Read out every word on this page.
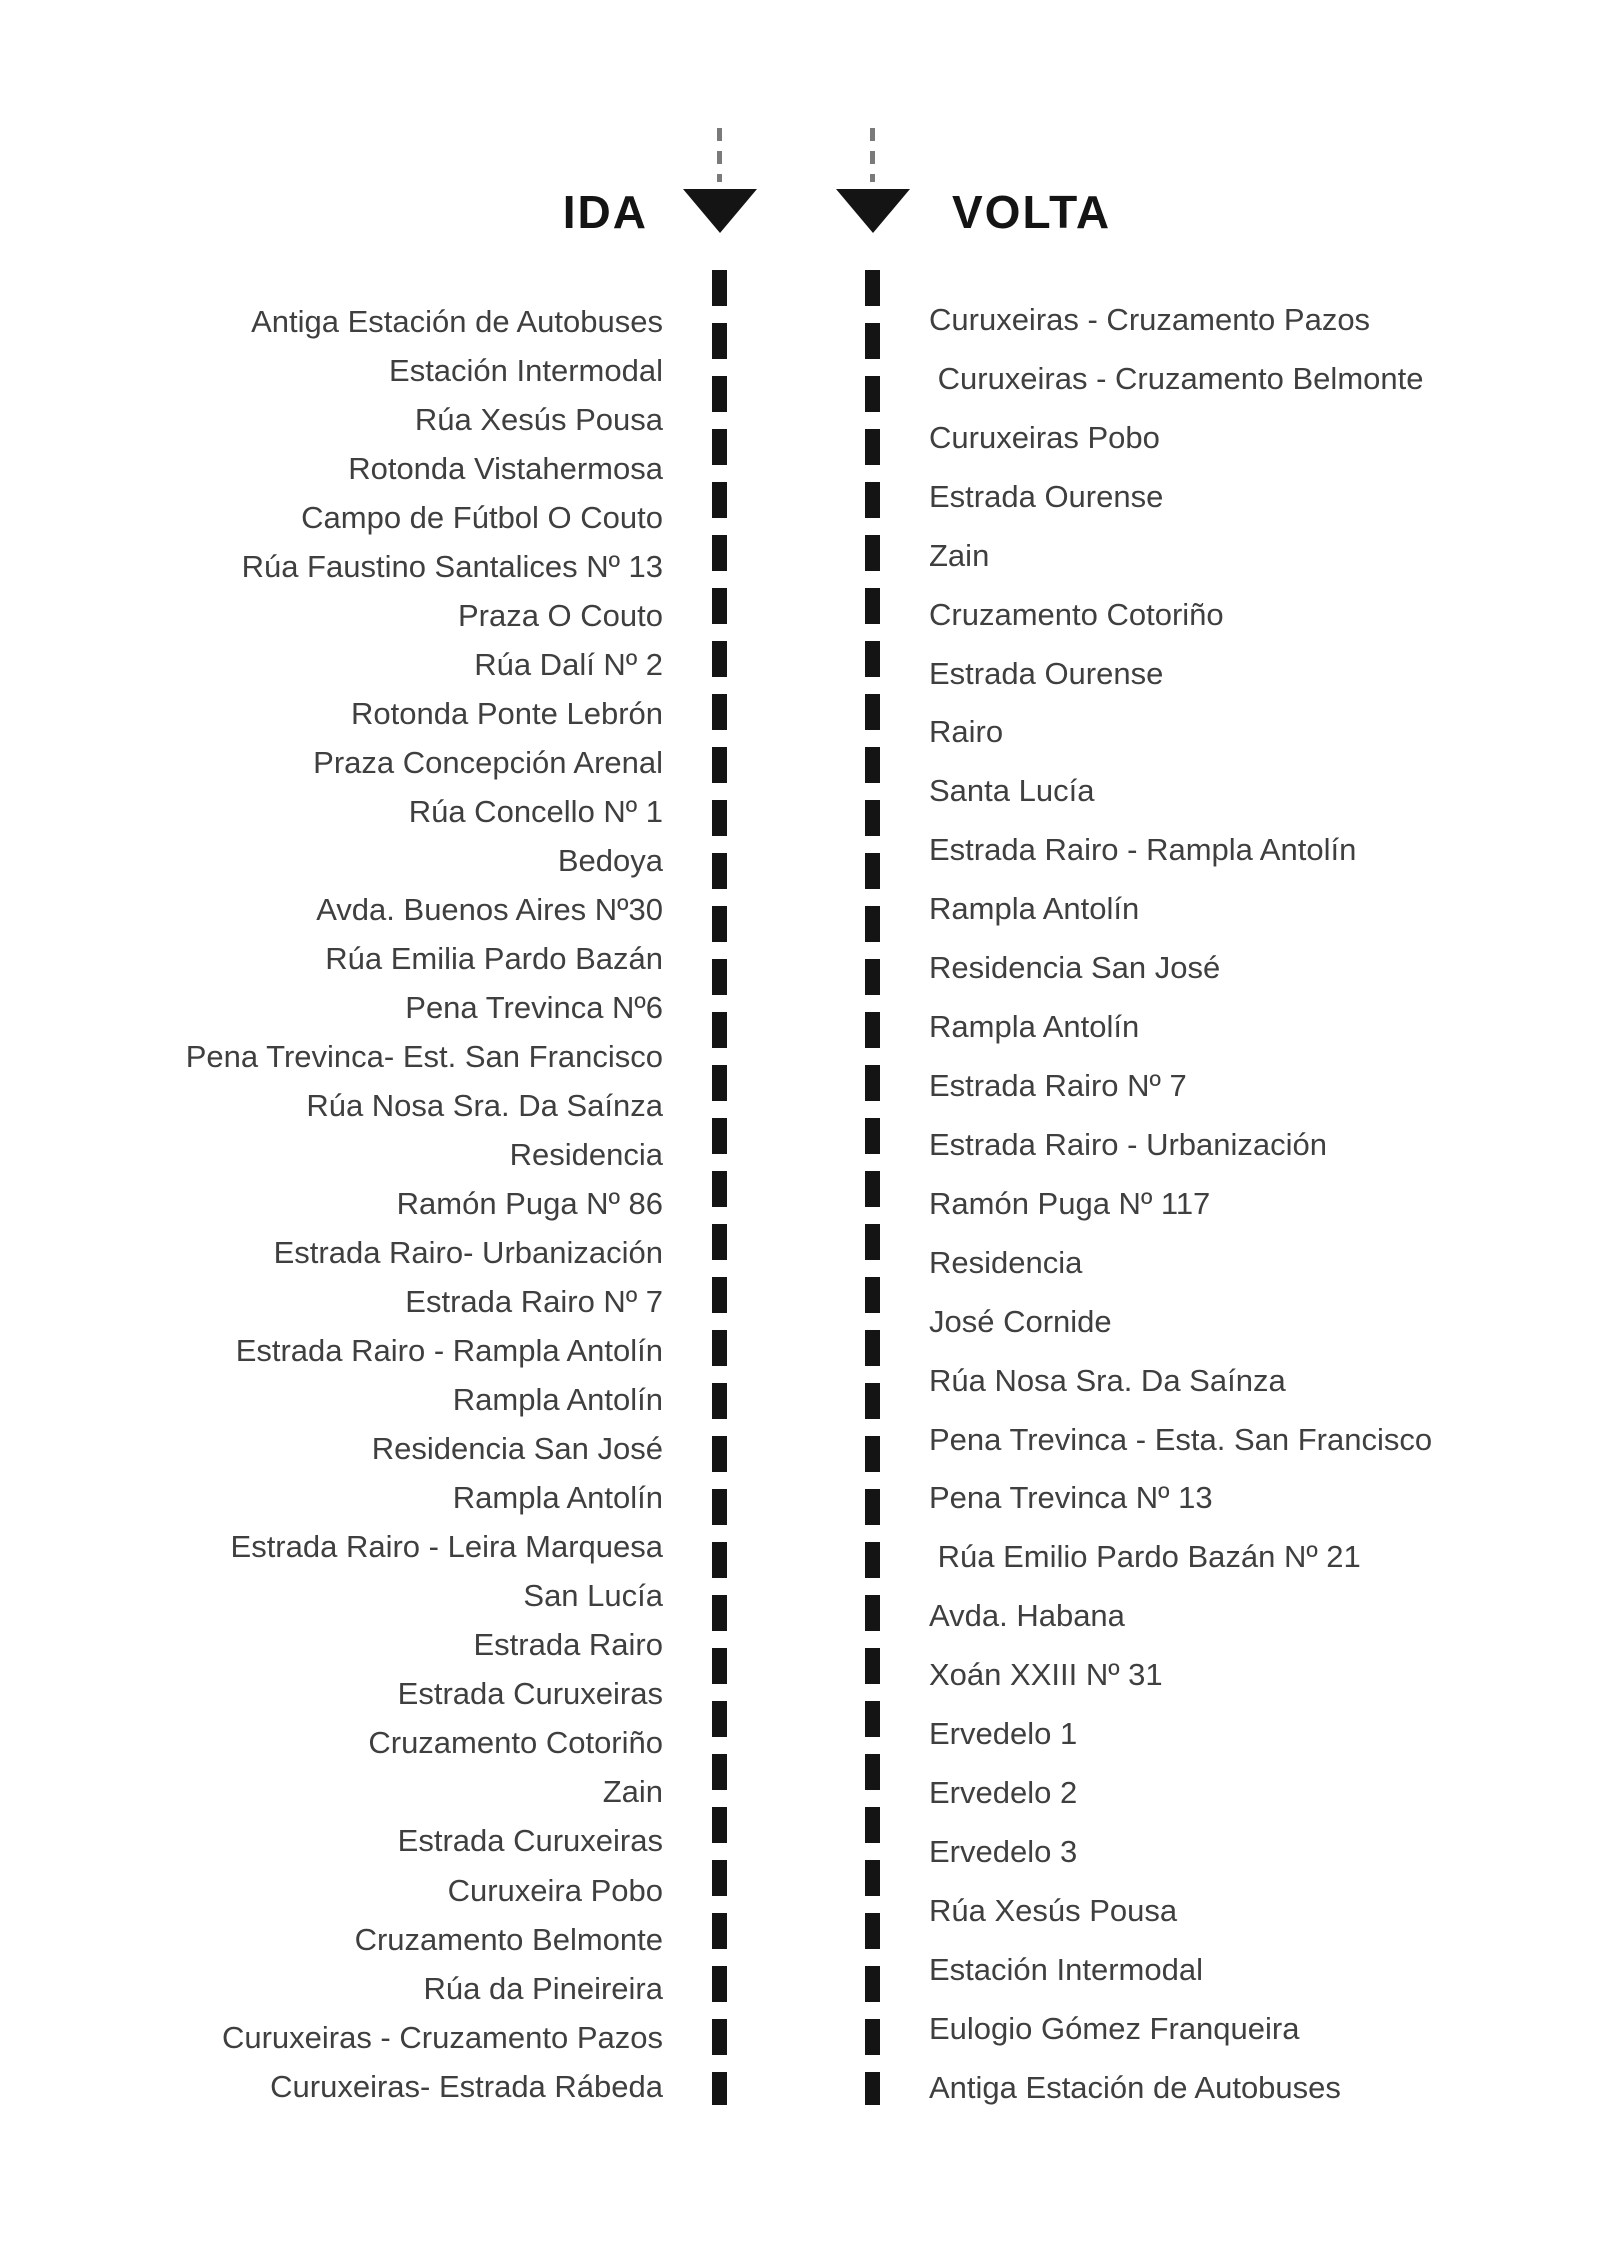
IDA	VOLTA
Antiga Estación de Autobuses
Estación Intermodal
Rúa Xesús Pousa
Rotonda Vistahermosa
Campo de Fútbol O Couto
Rúa Faustino Santalices Nº 13
Praza O Couto
Rúa Dalí Nº 2
Rotonda Ponte Lebrón
Praza Concepción Arenal
Rúa Concello Nº 1
Bedoya
Avda. Buenos Aires Nº30
Rúa Emilia Pardo Bazán
Pena Trevinca Nº6
Pena Trevinca- Est. San Francisco
Rúa Nosa Sra. Da Saínza
Residencia
Ramón Puga Nº 86
Estrada Rairo- Urbanización
Estrada Rairo Nº 7
Estrada Rairo - Rampla Antolín
Rampla Antolín
Residencia San José
Rampla Antolín
Estrada Rairo - Leira Marquesa
San Lucía
Estrada Rairo
Estrada Curuxeiras
Cruzamento Cotoriño
Zain
Estrada Curuxeiras
Curuxeira Pobo
Cruzamento Belmonte
Rúa da Pineireira
Curuxeiras - Cruzamento Pazos
Curuxeiras- Estrada Rábeda
Curuxeiras - Cruzamento Pazos
Curuxeiras - Cruzamento Belmonte
Curuxeiras Pobo
Estrada Ourense
Zain
Cruzamento Cotoriño
Estrada Ourense
Rairo
Santa Lucía
Estrada Rairo - Rampla Antolín
Rampla Antolín
Residencia San José
Rampla Antolín
Estrada Rairo Nº 7
Estrada Rairo - Urbanización
Ramón Puga Nº 117
Residencia
José Cornide
Rúa Nosa Sra. Da Saínza
Pena Trevinca - Esta. San Francisco
Pena Trevinca Nº 13
Rúa Emilio Pardo Bazán Nº 21
Avda. Habana
Xoán XXIII Nº 31
Ervedelo 1
Ervedelo 2
Ervedelo 3
Rúa Xesús Pousa
Estación Intermodal
Eulogio Gómez Franqueira
Antiga Estación de Autobuses
